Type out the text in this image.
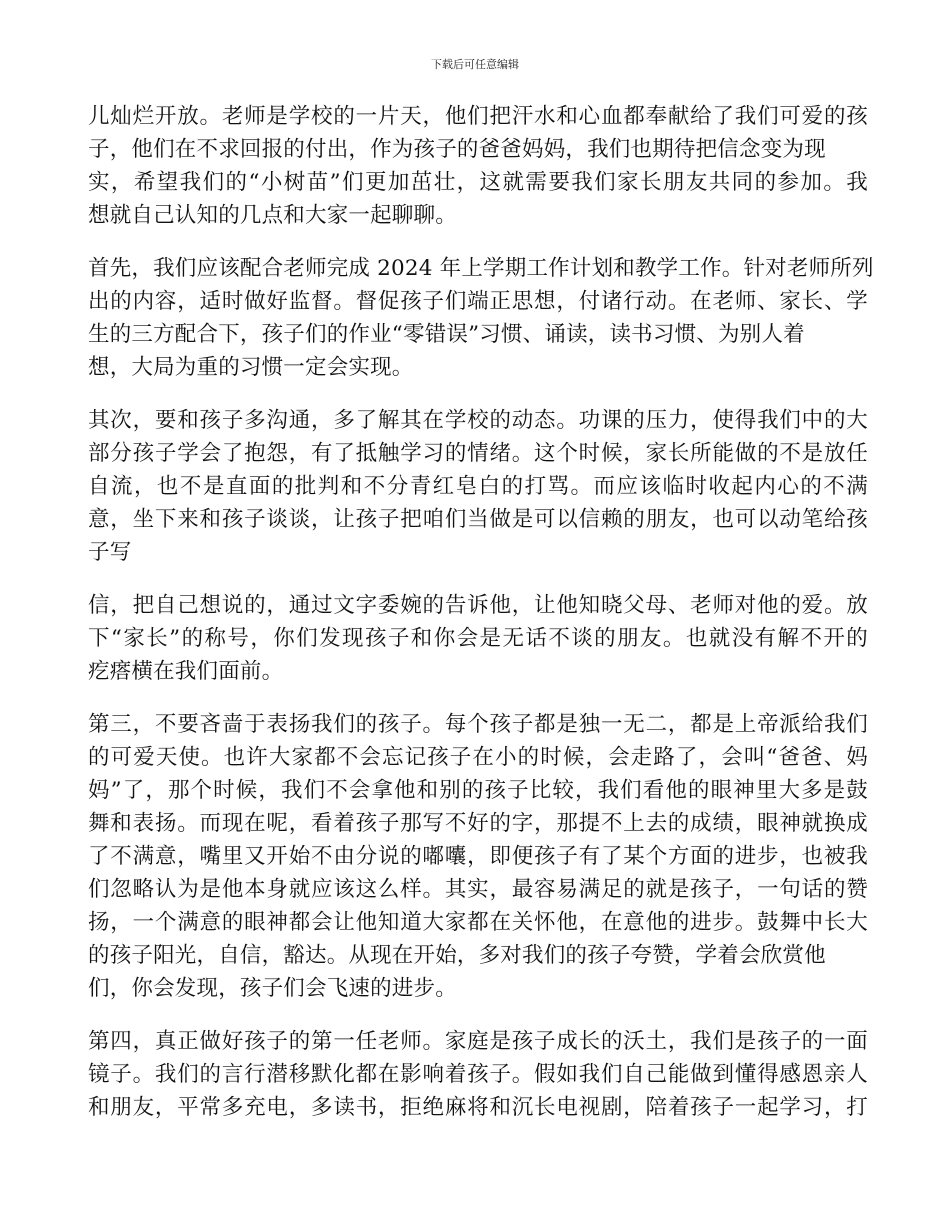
下载后可任意编辑

儿灿烂开放。老师是学校的一片天，他们把汗水和心血都奉献给了我们可爱的孩
子，他们在不求回报的付出，作为孩子的爸爸妈妈，我们也期待把信念变为现
实，希望我们的“小树苗”们更加茁壮，这就需要我们家长朋友共同的参加。我
想就自己认知的几点和大家一起聊聊。

首先，我们应该配合老师完成 2024 年上学期工作计划和教学工作。针对老师所列
出的内容，适时做好监督。督促孩子们端正思想，付诸行动。在老师、家长、学
生的三方配合下，孩子们的作业“零错误”习惯、诵读，读书习惯、为别人着
想，大局为重的习惯一定会实现。

其次，要和孩子多沟通，多了解其在学校的动态。功课的压力，使得我们中的大
部分孩子学会了抱怨，有了抵触学习的情绪。这个时候，家长所能做的不是放任
自流，也不是直面的批判和不分青红皂白的打骂。而应该临时收起内心的不满
意，坐下来和孩子谈谈，让孩子把咱们当做是可以信赖的朋友，也可以动笔给孩
子写

信，把自己想说的，通过文字委婉的告诉他，让他知晓父母、老师对他的爱。放
下“家长”的称号，你们发现孩子和你会是无话不谈的朋友。也就没有解不开的
疙瘩横在我们面前。

第三，不要吝啬于表扬我们的孩子。每个孩子都是独一无二，都是上帝派给我们
的可爱天使。也许大家都不会忘记孩子在小的时候，会走路了，会叫“爸爸、妈
妈”了，那个时候，我们不会拿他和别的孩子比较，我们看他的眼神里大多是鼓
舞和表扬。而现在呢，看着孩子那写不好的字，那提不上去的成绩，眼神就换成
了不满意，嘴里又开始不由分说的嘟囔，即便孩子有了某个方面的进步，也被我
们忽略认为是他本身就应该这么样。其实，最容易满足的就是孩子，一句话的赞
扬，一个满意的眼神都会让他知道大家都在关怀他，在意他的进步。鼓舞中长大
的孩子阳光，自信，豁达。从现在开始，多对我们的孩子夸赞，学着会欣赏他
们，你会发现，孩子们会飞速的进步。

第四，真正做好孩子的第一任老师。家庭是孩子成长的沃土，我们是孩子的一面
镜子。我们的言行潜移默化都在影响着孩子。假如我们自己能做到懂得感恩亲人
和朋友，平常多充电，多读书，拒绝麻将和沉长电视剧，陪着孩子一起学习，打
